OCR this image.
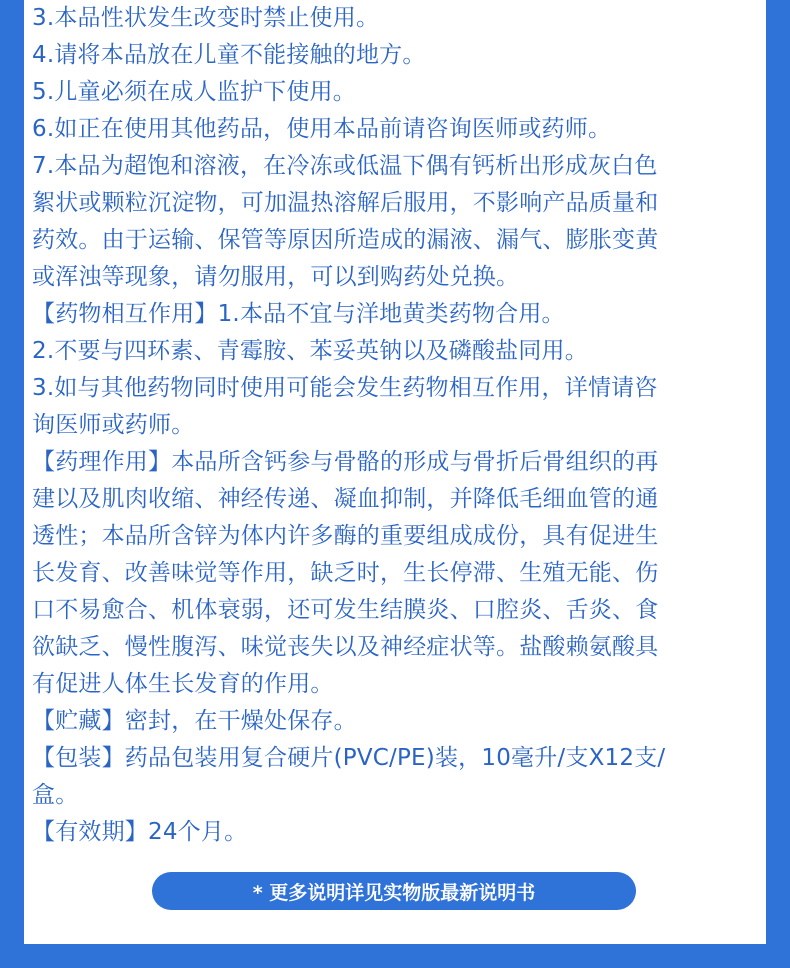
3.本品性状发生改变时禁止使用。
4.请将本品放在儿童不能接触的地方。
5.儿童必须在成人监护下使用。
6.如正在使用其他药品，使用本品前请咨询医师或药师。
7.本品为超饱和溶液，在冷冻或低温下偶有钙析出形成灰白色
絮状或颗粒沉淀物，可加温热溶解后服用，不影响产品质量和
药效。由于运输、保管等原因所造成的漏液、漏气、膨胀变黄
或浑浊等现象，请勿服用，可以到购药处兑换。
【药物相互作用】1.本品不宜与洋地黄类药物合用。
2.不要与四环素、青霉胺、苯妥英钠以及磷酸盐同用。
3.如与其他药物同时使用可能会发生药物相互作用，详情请咨
询医师或药师。
【药理作用】本品所含钙参与骨骼的形成与骨折后骨组织的再
建以及肌肉收缩、神经传递、凝血抑制，并降低毛细血管的通
透性；本品所含锌为体内许多酶的重要组成成份，具有促进生
长发育、改善味觉等作用，缺乏时，生长停滞、生殖无能、伤
口不易愈合、机体衰弱，还可发生结膜炎、口腔炎、舌炎、食
欲缺乏、慢性腹泻、味觉丧失以及神经症状等。盐酸赖氨酸具
有促进人体生长发育的作用。
【贮藏】密封，在干燥处保存。
【包装】药品包装用复合硬片(PVC/PE)装，10毫升/支X12支/
盒。
【有效期】24个月。
* 更多说明详见实物版最新说明书
